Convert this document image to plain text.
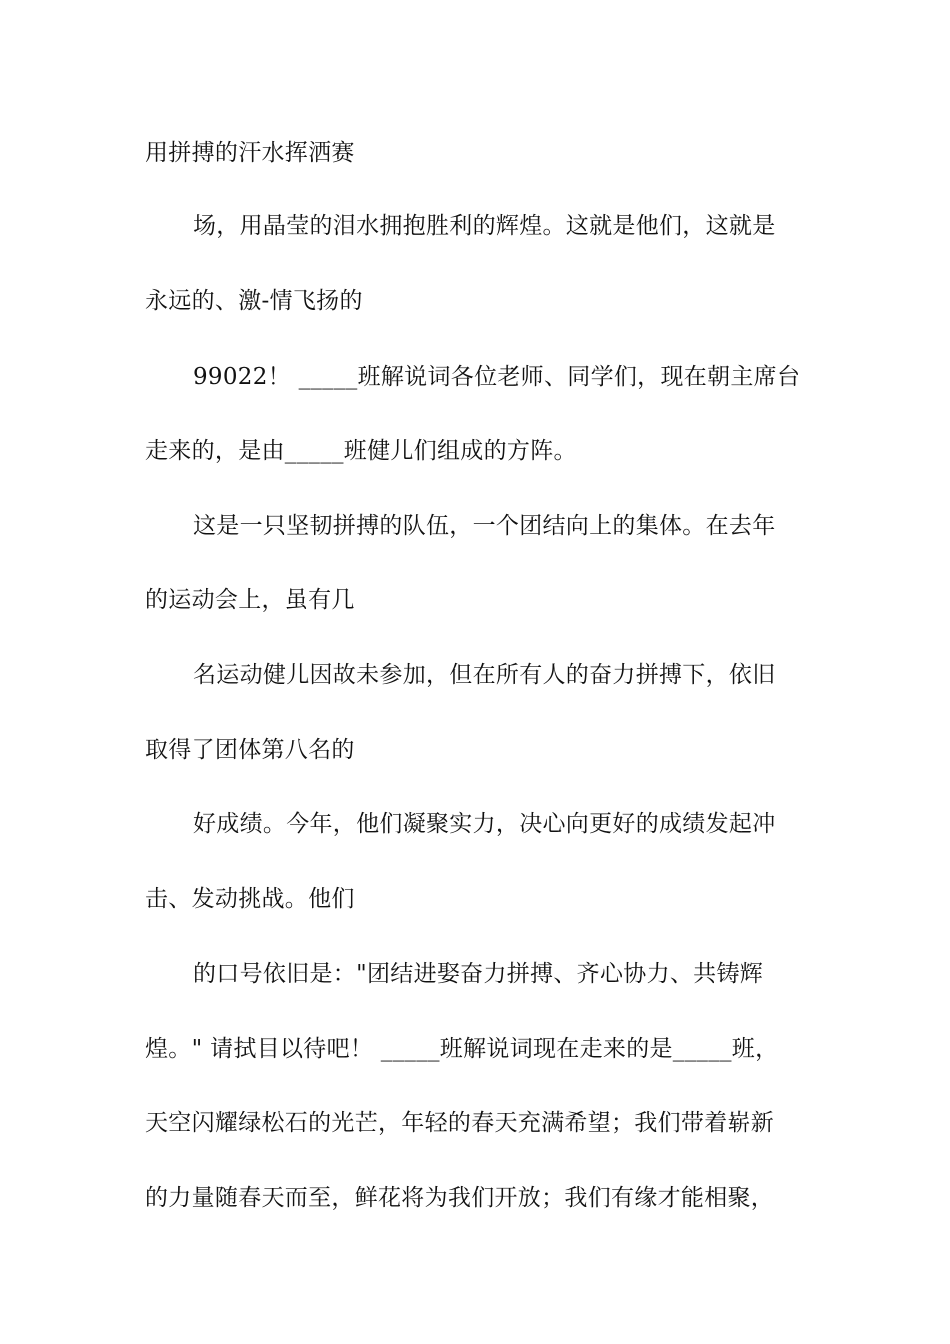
用拼搏的汗水挥洒赛
场，用晶莹的泪水拥抱胜利的辉煌。这就是他们，这就是
永远的、激-情飞扬的
99022！ _____班解说词各位老师、同学们，现在朝主席台
走来的，是由_____班健儿们组成的方阵。
这是一只坚韧拼搏的队伍，一个团结向上的集体。在去年
的运动会上，虽有几
名运动健儿因故未参加，但在所有人的奋力拼搏下，依旧
取得了团体第八名的
好成绩。今年，他们凝聚实力，决心向更好的成绩发起冲
击、发动挑战。他们
的口号依旧是："团结进娶奋力拼搏、齐心协力、共铸辉
煌。" 请拭目以待吧！ _____班解说词现在走来的是_____班，
天空闪耀绿松石的光芒，年轻的春天充满希望；我们带着崭新
的力量随春天而至，鲜花将为我们开放；我们有缘才能相聚，
